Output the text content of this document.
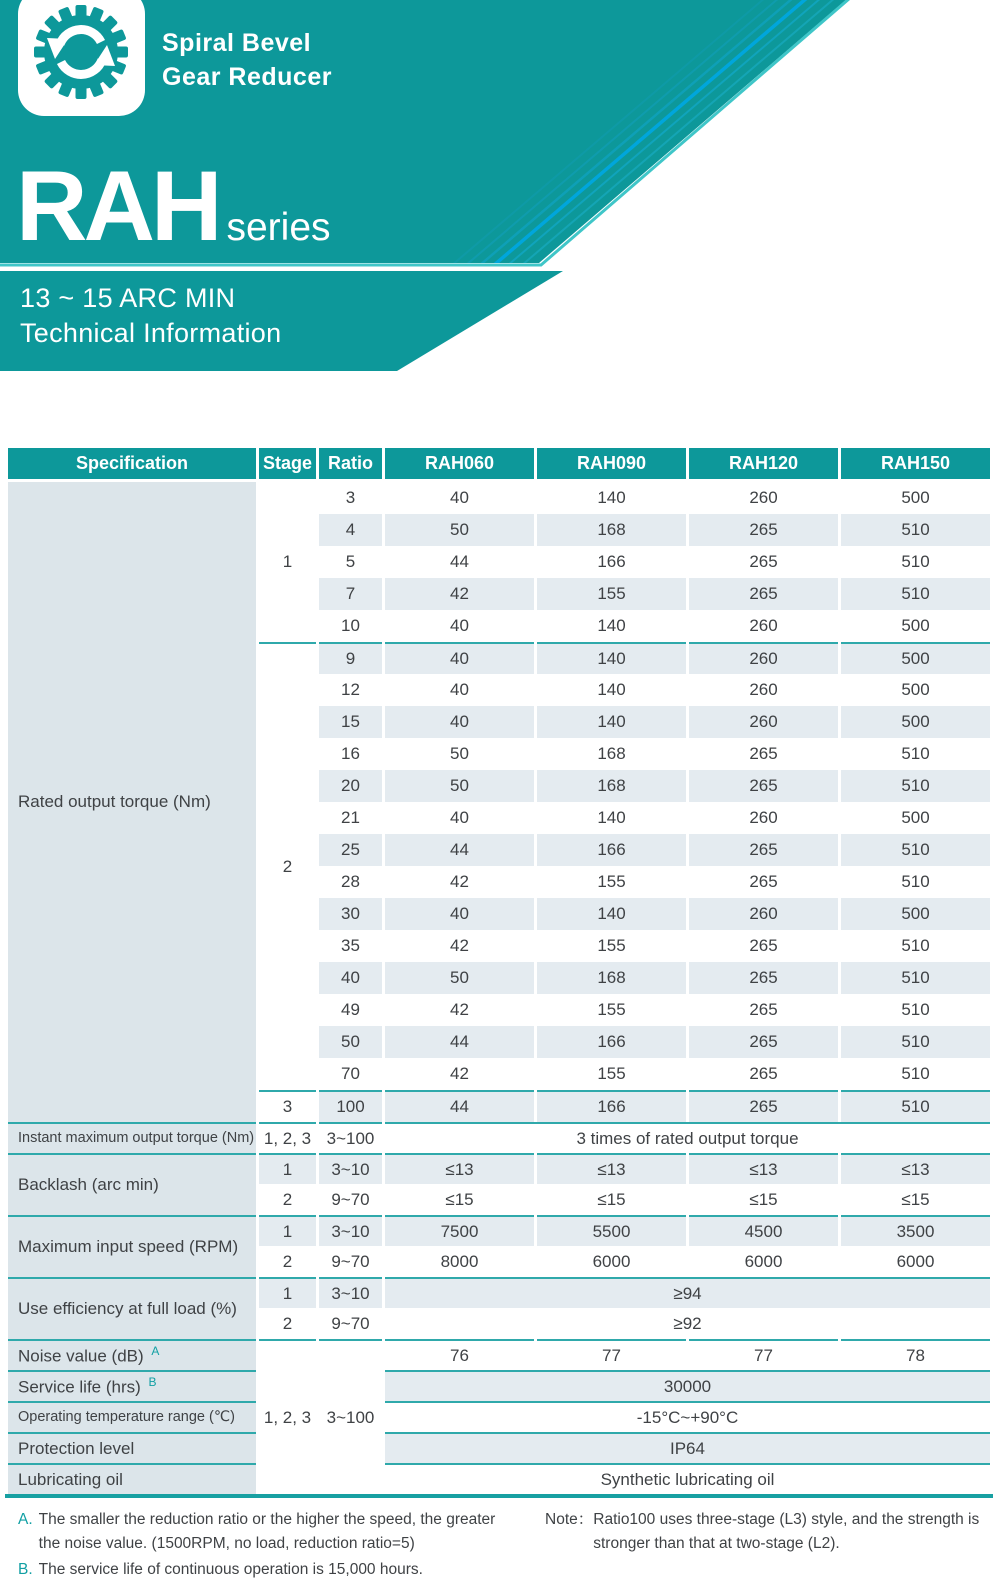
Spiral Bevel
Gear Reducer
RAH series
13 ~ 15 ARC MIN
Technical Information
Specification	Stage	Ratio	RAH060	RAH090	RAH120	RAH150
Rated output torque (Nm)	1	3	40	140	260	500
		4	50	168	265	510
		5	44	166	265	510
		7	42	155	265	510
		10	40	140	260	500
	2	9	40	140	260	500
		12	40	140	260	500
		15	40	140	260	500
		16	50	168	265	510
		20	50	168	265	510
		21	40	140	260	500
		25	44	166	265	510
		28	42	155	265	510
		30	40	140	260	500
		35	42	155	265	510
		40	50	168	265	510
		49	42	155	265	510
		50	44	166	265	510
		70	42	155	265	510
	3	100	44	166	265	510
Instant maximum output torque (Nm)	1, 2, 3	3~100	3 times of rated output torque			
Backlash (arc min)	1	3~10	≤13	≤13	≤13	≤13
	2	9~70	≤15	≤15	≤15	≤15
Maximum input speed (RPM)	1	3~10	7500	5500	4500	3500
	2	9~70	8000	6000	6000	6000
Use efficiency at full load (%)	1	3~10	≥94			
	2	9~70	≥92			
Noise value (dB) $^A$	1, 2, 3	3~100	76	77	77	78
Service life (hrs) $^B$			30000			
Operating temperature range (℃)			-15°C~+90°C			
Protection level			IP64			
Lubricating oil			Synthetic lubricating oil			
A. The smaller the reduction ratio or the higher the speed, the greater the noise value. (1500RPM, no load, reduction ratio=5)
B. The service life of continuous operation is 15,000 hours.
Note： Ratio100 uses three-stage (L3) style, and the strength is stronger than that at two-stage (L2).
